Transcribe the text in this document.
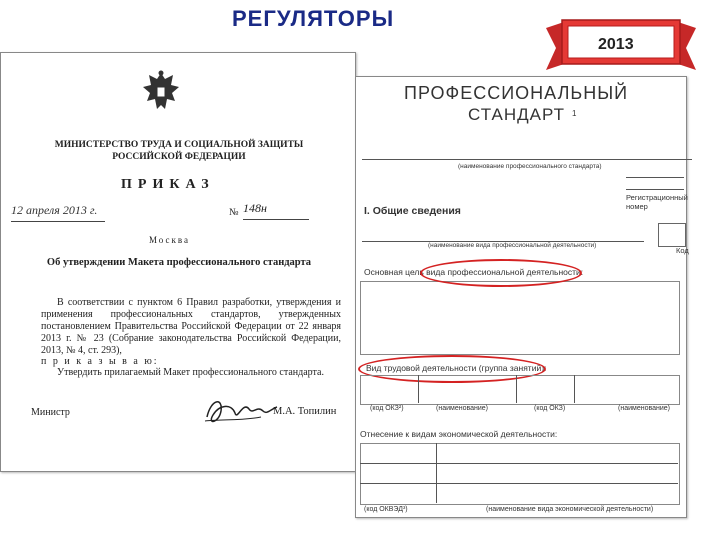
РЕГУЛЯТОРЫ
2013
МИНИСТЕРСТВО ТРУДА И СОЦИАЛЬНОЙ ЗАЩИТЫ РОССИЙСКОЙ ФЕДЕРАЦИИ
ПРИКАЗ
12 апреля 2013 г.	№ 148н
Москва
Об утверждении Макета профессионального стандарта
В соответствии с пунктом 6 Правил разработки, утверждения и применения профессиональных стандартов, утвержденных постановлением Правительства Российской Федерации от 22 января 2013 г. № 23 (Собрание законодательства Российской Федерации, 2013, № 4, ст. 293),
п р и к а з ы в а ю:
Утвердить прилагаемый Макет профессионального стандарта.
Министр	М.А. Топилин
ПРОФЕССИОНАЛЬНЫЙ
СТАНДАРТ 1
(наименование профессионального стандарта)
Регистрационный номер
I. Общие сведения
(наименование вида профессиональной деятельности)
Код
Основная цель вида профессиональной деятельности:
Вид трудовой деятельности (группа занятий):
(код ОКЗ²)	(наименование)	(код ОКЗ)	(наименование)
Отнесение к видам экономической деятельности:
(код ОКВЭД³)	(наименование вида экономической деятельности)
